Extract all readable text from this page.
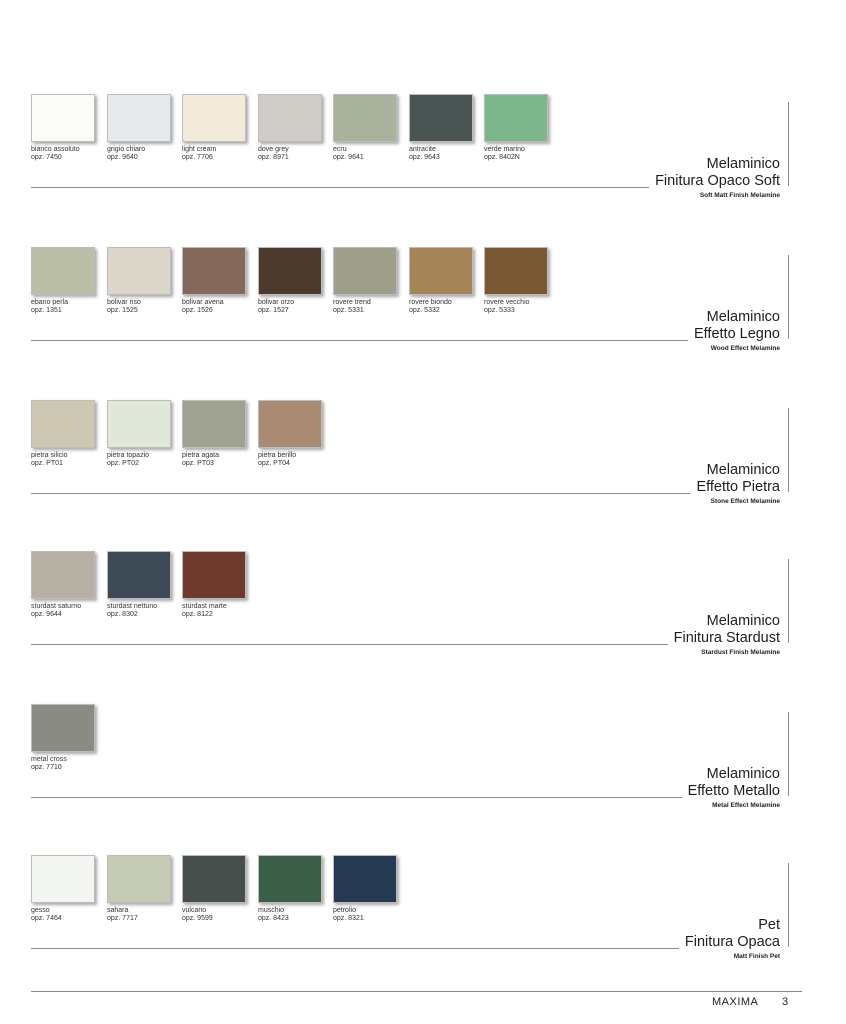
bianco assoluto
opz. 7450
grigio chiaro
opz. 9640
light cream
opz. 7706
dove grey
opz. 8971
ecru
opz. 9641
antracite
opz. 9643
verde marino
opz. 8402N	Melaminico
Finitura Opaco Soft
Soft Matt Finish Melamine
ebano perla
opz. 1351
bolivar riso
opz. 1525
bolivar avena
opz. 1526
bolivar orzo
opz. 1527
rovere trend
opz. 5331
rovere biondo
opz. 5332
rovere vecchio
opz. 5333	Melaminico
Effetto Legno
Wood Effect Melamine
pietra silicio
opz. PT01
pietra topazio
opz. PT02
pietra agata
opz. PT03
pietra berillo
opz. PT04	Melaminico
Effetto Pietra
Stone Effect Melamine
sturdast saturno
opz. 9644
sturdast nettuno
opz. 8302
sturdast marte
opz. 8122	Melaminico
Finitura Stardust
Stardust Finish Melamine
metal cross
opz. 7710	Melaminico
Effetto Metallo
Metal Effect Melamine
gesso
opz. 7464
sahara
opz. 7717
vulcano
opz. 9599
muschio
opz. 8423
petrolio
opz. 8321	Pet
Finitura Opaca
Matt Finish Pet
MAXIMA 3
